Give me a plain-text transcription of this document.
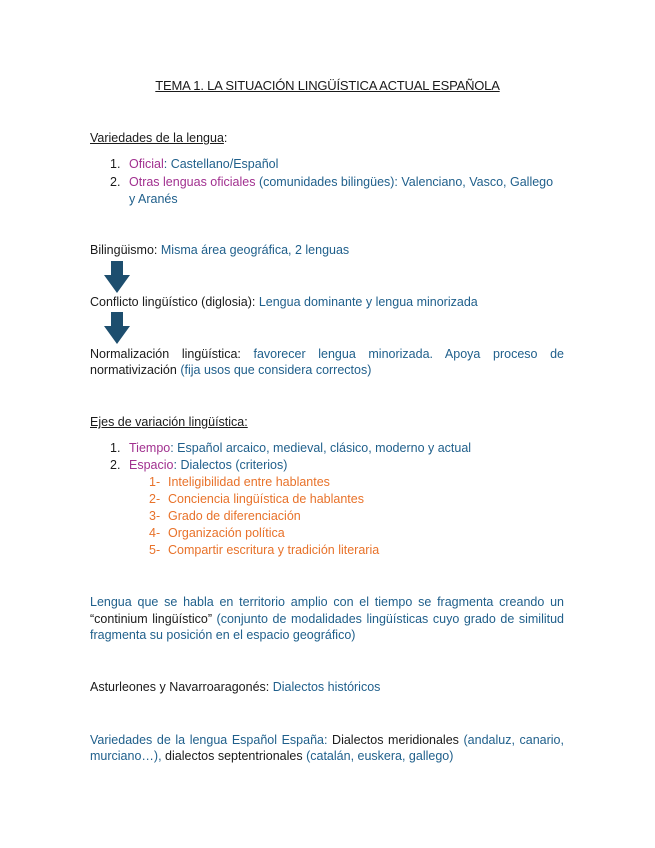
TEMA 1. LA SITUACIÓN LINGÜÍSTICA ACTUAL ESPAÑOLA
Variedades de la lengua:
1. Oficial: Castellano/Español
2. Otras lenguas oficiales (comunidades bilingües): Valenciano, Vasco, Gallego
y Aranés
Bilingüismo: Misma área geográfica, 2 lenguas
Conflicto lingüístico (diglosia): Lengua dominante y lengua minorizada
Normalización lingüística: favorecer lengua minorizada. Apoya proceso de
normativización (fija usos que considera correctos)
Ejes de variación lingüística:
1. Tiempo: Español arcaico, medieval, clásico, moderno y actual
2. Espacio: Dialectos (criterios)
1- Inteligibilidad entre hablantes
2- Conciencia lingüística de hablantes
3- Grado de diferenciación
4- Organización política
5- Compartir escritura y tradición literaria
Lengua que se habla en territorio amplio con el tiempo se fragmenta creando un
“continium lingüístico” (conjunto de modalidades lingüísticas cuyo grado de similitud
fragmenta su posición en el espacio geográfico)
Asturleones y Navarroaragonés: Dialectos históricos
Variedades de la lengua Español España: Dialectos meridionales (andaluz, canario,
murciano…), dialectos septentrionales (catalán, euskera, gallego)
